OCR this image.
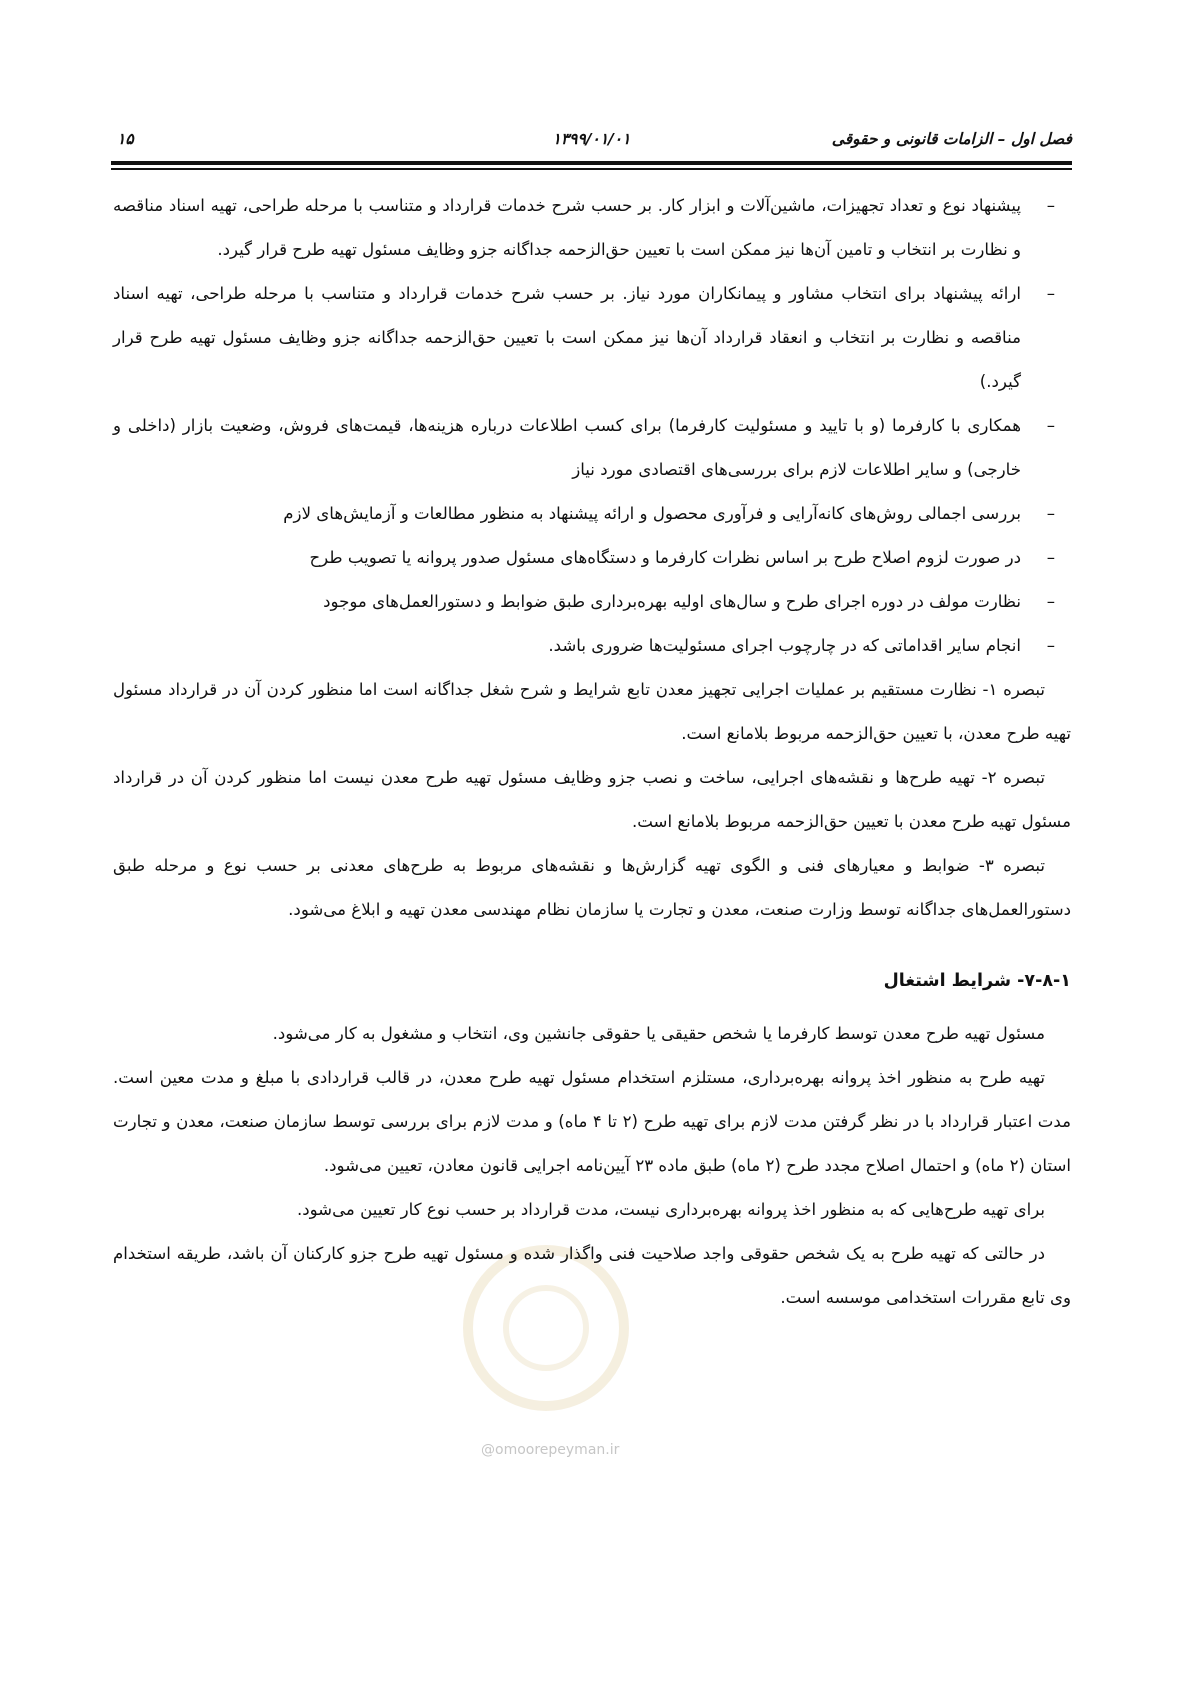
فصل اول – الزامات قانونی و حقوقی
۱۳۹۹/۰۱/۰۱
۱۵
@omoorepeyman.ir
–
پیشنهاد نوع و تعداد تجهیزات، ماشین‌آلات و ابزار کار. بر حسب شرح خدمات قرارداد و متناسب با مرحله طراحی، تهیه اسناد مناقصه و نظارت بر انتخاب و تامین آن‌ها نیز ممکن است با تعیین حق‌الزحمه جداگانه جزو وظایف مسئول تهیه طرح قرار گیرد.
–
ارائه پیشنهاد برای انتخاب مشاور و پیمانکاران مورد نیاز. بر حسب شرح خدمات قرارداد و متناسب با مرحله طراحی، تهیه اسناد مناقصه و نظارت بر انتخاب و انعقاد قرارداد آن‌ها نیز ممکن است با تعیین حق‌الزحمه جداگانه جزو وظایف مسئول تهیه طرح قرار گیرد.)
–
همکاری با کارفرما (و با تایید و مسئولیت کارفرما) برای کسب اطلاعات درباره هزینه‌ها، قیمت‌های فروش، وضعیت بازار (داخلی و خارجی) و سایر اطلاعات لازم برای بررسی‌های اقتصادی مورد نیاز
–
بررسی اجمالی روش‌های کانه‌آرایی و فرآوری محصول و ارائه پیشنهاد به منظور مطالعات و آزمایش‌های لازم
–
در صورت لزوم اصلاح طرح بر اساس نظرات کارفرما و دستگاه‌های مسئول صدور پروانه یا تصویب طرح
–
نظارت مولف در دوره اجرای طرح و سال‌های اولیه بهره‌برداری طبق ضوابط و دستورالعمل‌های موجود
–
انجام سایر اقداماتی که در چارچوب اجرای مسئولیت‌ها ضروری باشد.

تبصره ۱- نظارت مستقیم بر عملیات اجرایی تجهیز معدن تابع شرایط و شرح شغل جداگانه است اما منظور کردن آن در قرارداد مسئول تهیه طرح معدن، با تعیین حق‌الزحمه مربوط بلامانع است.

تبصره ۲- تهیه طرح‌ها و نقشه‌های اجرایی، ساخت و نصب جزو وظایف مسئول تهیه طرح معدن نیست اما منظور کردن آن در قرارداد مسئول تهیه طرح معدن با تعیین حق‌الزحمه مربوط بلامانع است.

تبصره ۳- ضوابط و معیارهای فنی و الگوی تهیه گزارش‌ها و نقشه‌های مربوط به طرح‌های معدنی بر حسب نوع و مرحله طبق دستورالعمل‌های جداگانه توسط وزارت صنعت، معدن و تجارت یا سازمان نظام مهندسی معدن تهیه و ابلاغ می‌شود.

۷-۸-۱- شرایط اشتغال

مسئول تهیه طرح معدن توسط کارفرما یا شخص حقیقی یا حقوقی جانشین وی، انتخاب و مشغول به کار می‌شود.

تهیه طرح به منظور اخذ پروانه بهره‌برداری، مستلزم استخدام مسئول تهیه طرح معدن، در قالب قراردادی با مبلغ و مدت معین است. مدت اعتبار قرارداد با در نظر گرفتن مدت لازم برای تهیه طرح (۲ تا ۴ ماه) و مدت لازم برای بررسی توسط سازمان صنعت، معدن و تجارت استان (۲ ماه) و احتمال اصلاح مجدد طرح (۲ ماه) طبق ماده ۲۳ آیین‌نامه اجرایی قانون معادن، تعیین می‌شود.

برای تهیه طرح‌هایی که به منظور اخذ پروانه بهره‌برداری نیست، مدت قرارداد بر حسب نوع کار تعیین می‌شود.

در حالتی که تهیه طرح به یک شخص حقوقی واجد صلاحیت فنی واگذار شده و مسئول تهیه طرح جزو کارکنان آن باشد، طریقه استخدام وی تابع مقررات استخدامی موسسه است.
